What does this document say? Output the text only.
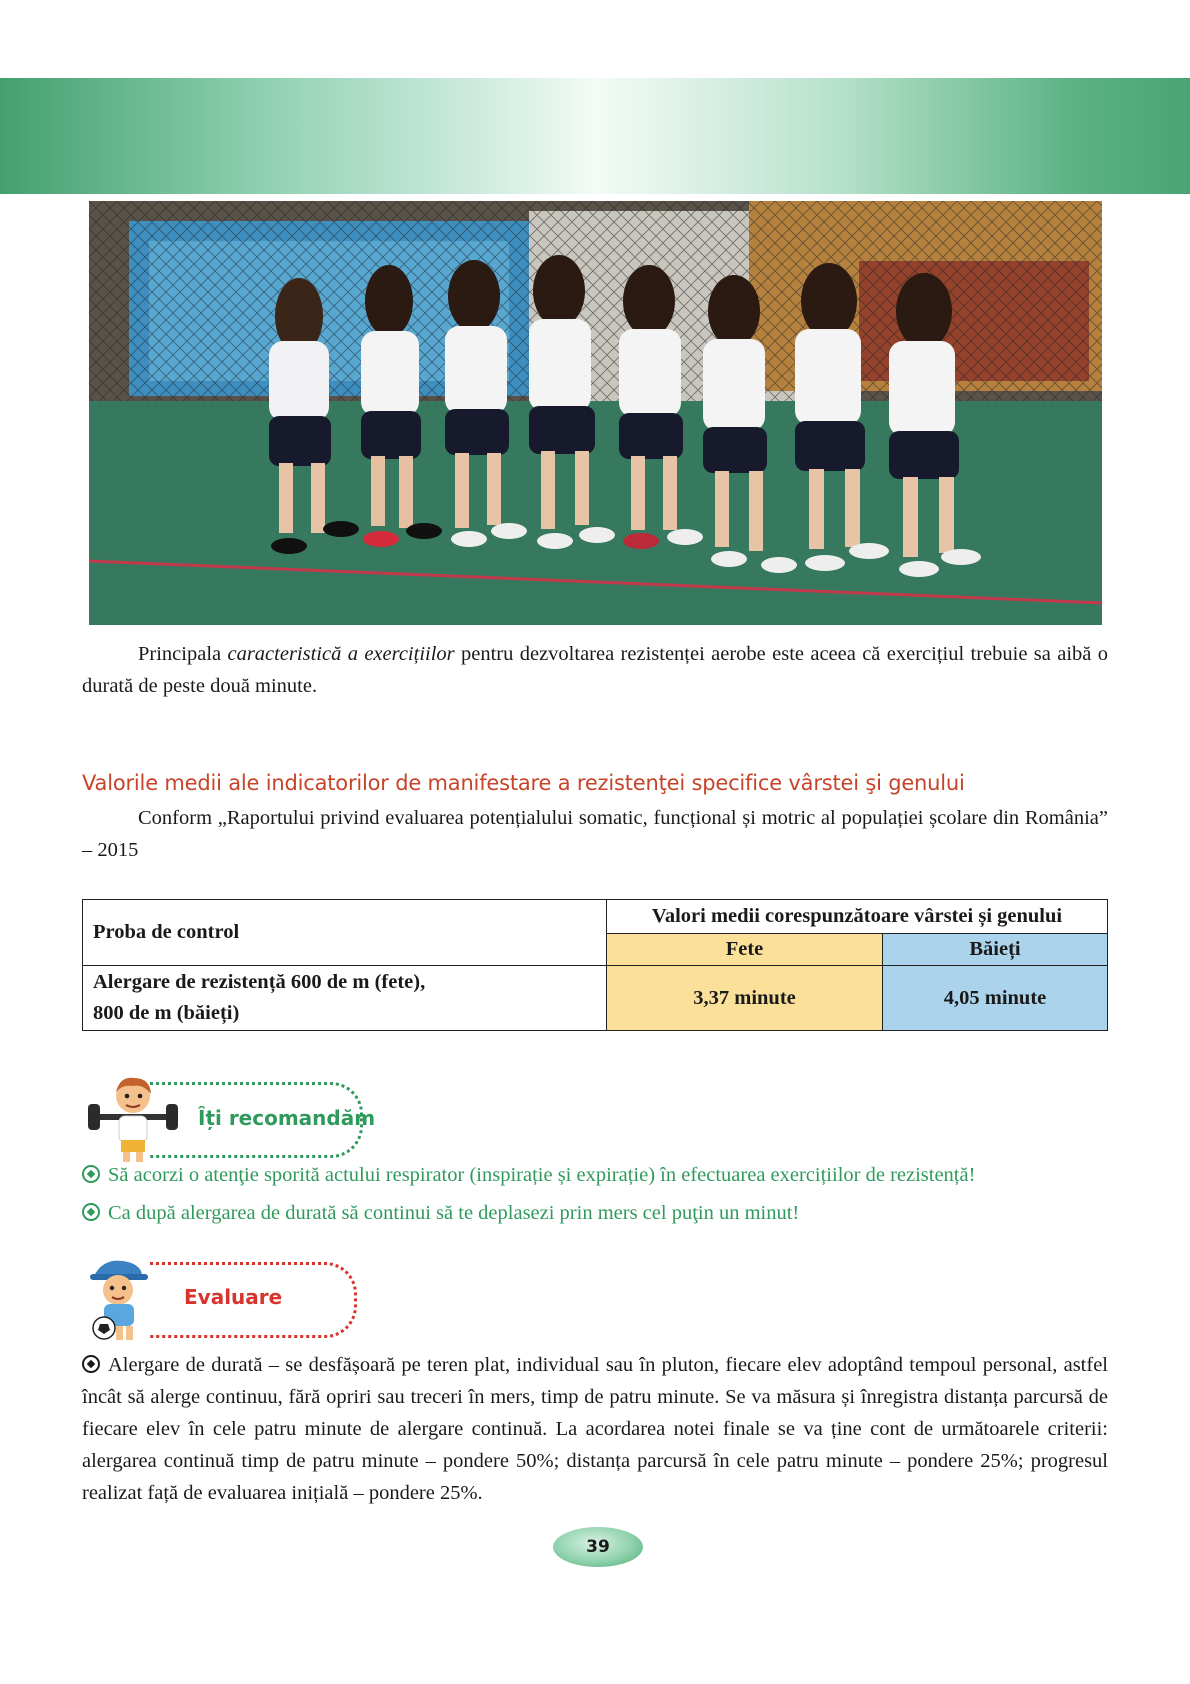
Principala caracteristică a exercițiilor pentru dezvoltarea rezistenței aerobe este aceea că exercițiul trebuie sa aibă o durată de peste două minute.
Valorile medii ale indicatorilor de manifestare a rezistenţei specifice vârstei şi genului
Conform „Raportului privind evaluarea potențialului somatic, funcțional și motric al populației școlare din România” – 2015
Proba de control	Valori medii corespunzătoare vârstei și genului	
	Fete	Băieți
Alergare de rezistență 600 de m (fete),
800 de m (băieți)	3,37 minute	4,05 minute
Îți recomandăm
Să acorzi o atenţie sporită actului respirator (inspirație și expirație) în efectuarea exercițiilor de rezistență!
Ca după alergarea de durată să continui să te deplasezi prin mers cel puţin un minut!
Evaluare
Alergare de durată – se desfășoară pe teren plat, individual sau în pluton, fiecare elev adoptând tempoul personal, astfel încât să alerge continuu, fără opriri sau treceri în mers, timp de patru minute. Se va măsura și înregistra distanța parcursă de fiecare elev în cele patru minute de alergare continuă. La acordarea notei finale se va ține cont de următoarele criterii: alergarea continuă timp de patru minute – pondere 50%; distanța parcursă în cele patru minute – pondere 25%; progresul realizat față de evaluarea inițială – pondere 25%.
39
